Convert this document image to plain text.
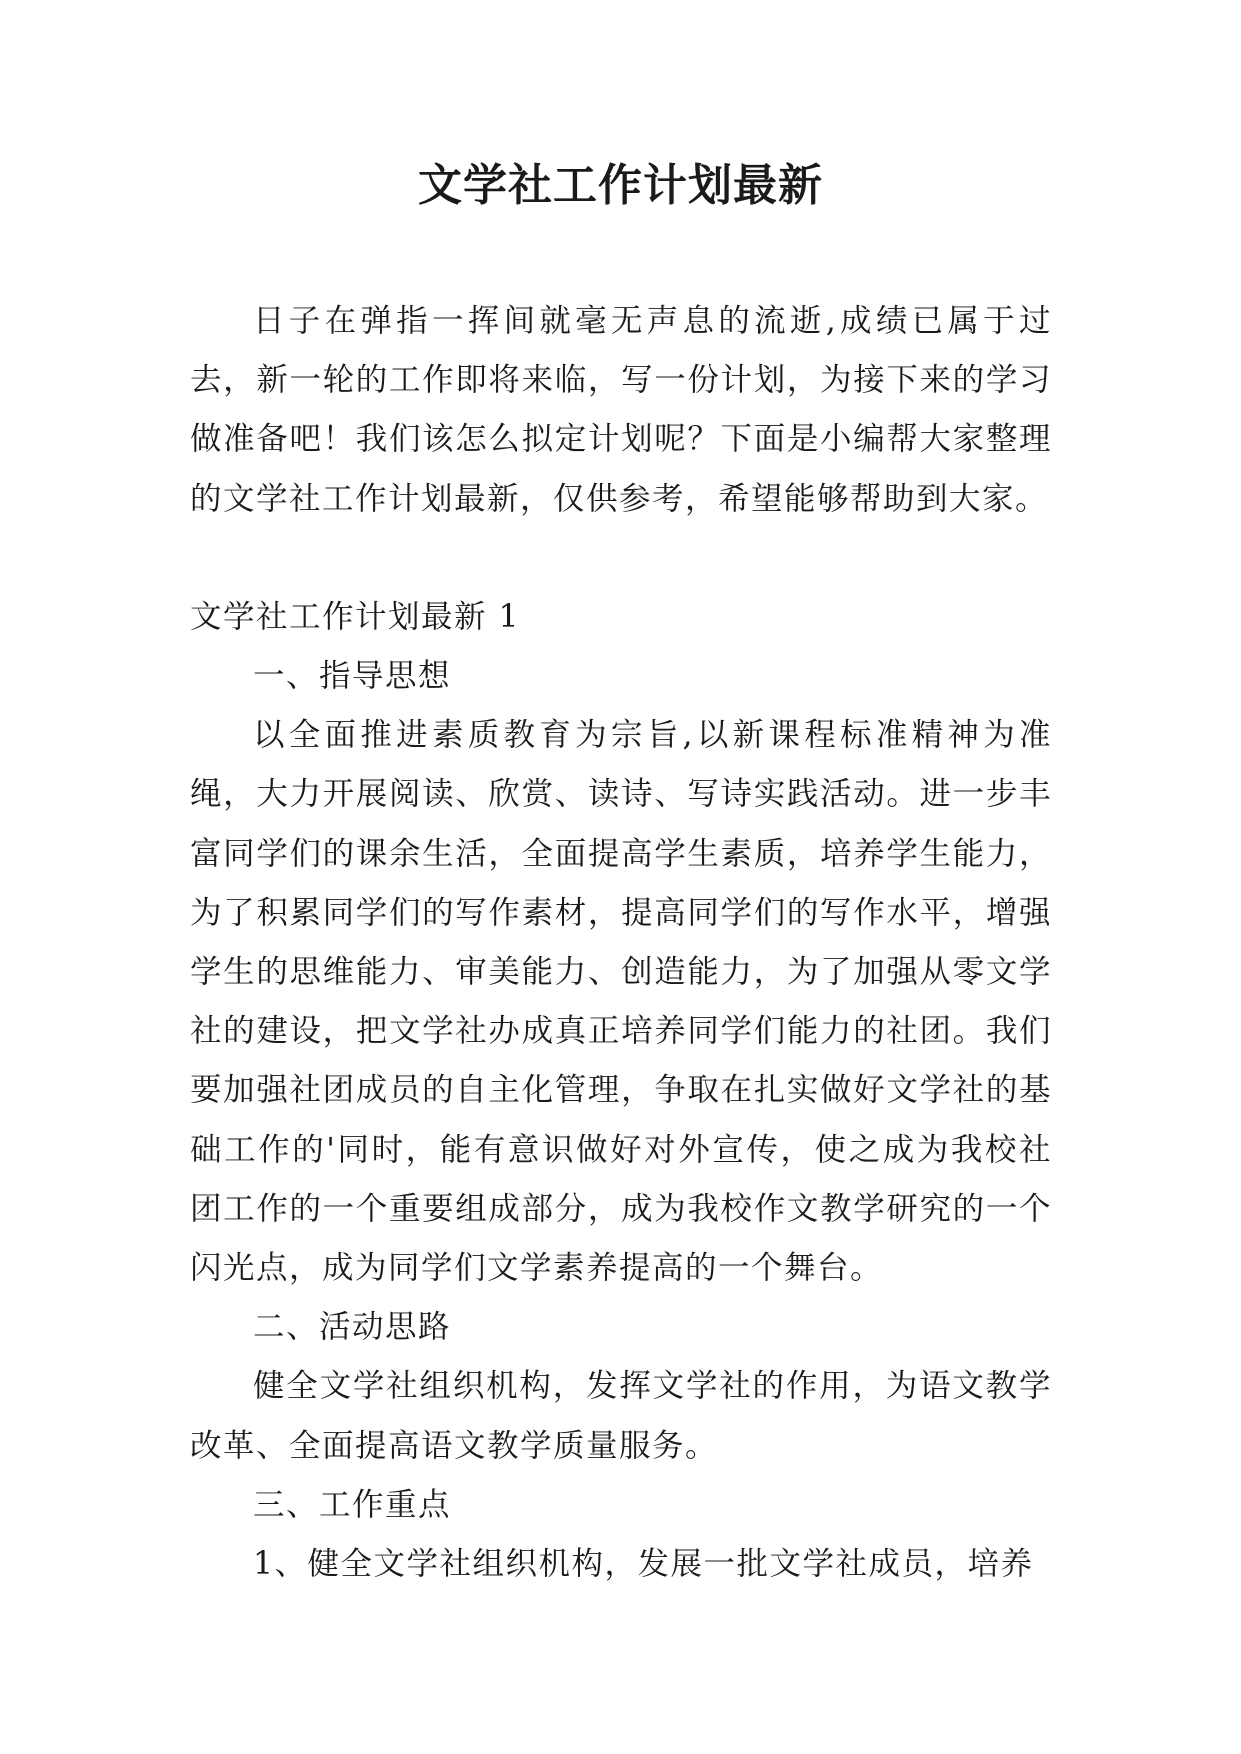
文学社工作计划最新

日子在弹指一挥间就毫无声息的流逝,成绩已属于过去，新一轮的工作即将来临，写一份计划，为接下来的学习做准备吧！我们该怎么拟定计划呢？下面是小编帮大家整理的文学社工作计划最新，仅供参考，希望能够帮助到大家。

文学社工作计划最新 1

一、指导思想

以全面推进素质教育为宗旨,以新课程标准精神为准绳，大力开展阅读、欣赏、读诗、写诗实践活动。进一步丰富同学们的课余生活，全面提高学生素质，培养学生能力，为了积累同学们的写作素材，提高同学们的写作水平，增强学生的思维能力、审美能力、创造能力，为了加强从零文学社的建设，把文学社办成真正培养同学们能力的社团。我们要加强社团成员的自主化管理，争取在扎实做好文学社的基础工作的'同时，能有意识做好对外宣传，使之成为我校社团工作的一个重要组成部分，成为我校作文教学研究的一个闪光点，成为同学们文学素养提高的一个舞台。

二、活动思路

健全文学社组织机构，发挥文学社的作用，为语文教学改革、全面提高语文教学质量服务。

三、工作重点

1、健全文学社组织机构，发展一批文学社成员，培养
